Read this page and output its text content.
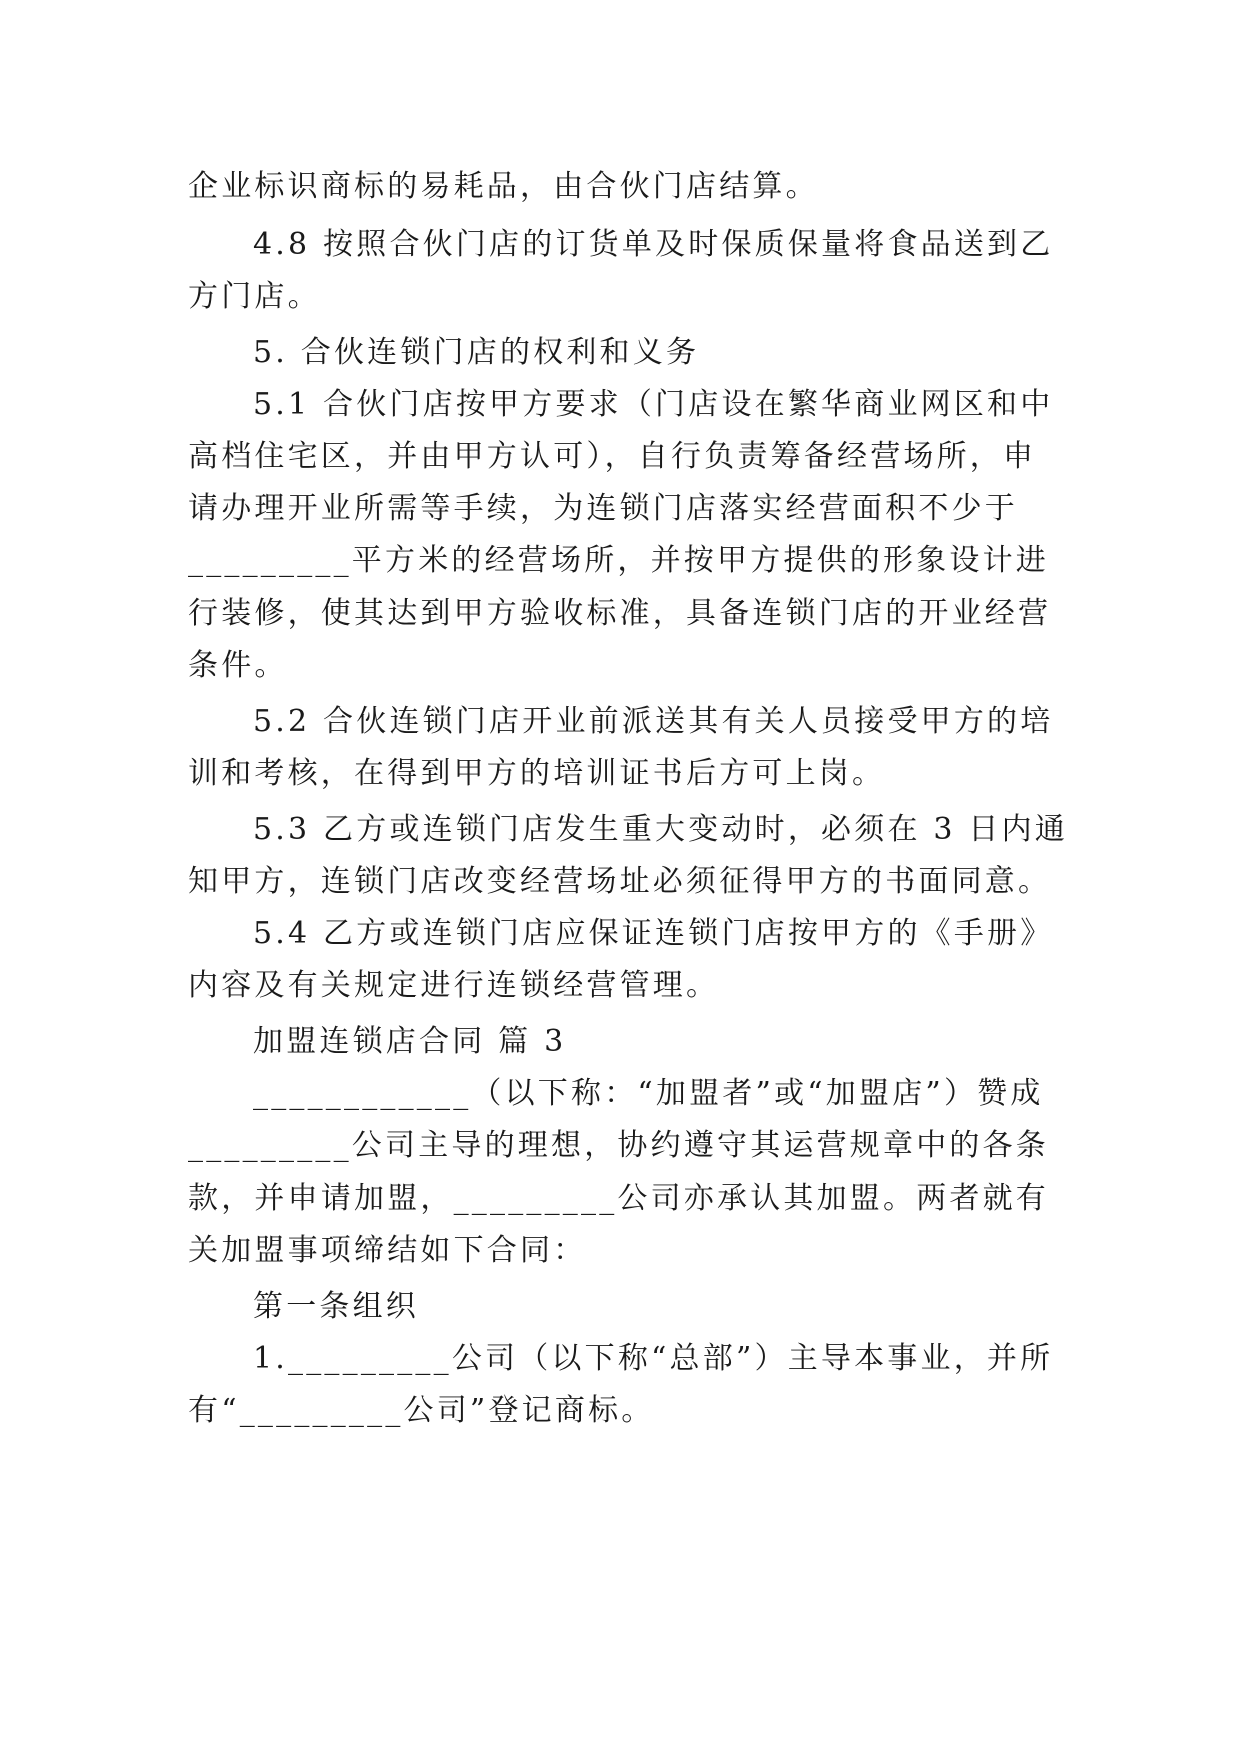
企业标识商标的易耗品，由合伙门店结算。
4.8 按照合伙门店的订货单及时保质保量将食品送到乙
方门店。
5. 合伙连锁门店的权利和义务
5.1 合伙门店按甲方要求（门店设在繁华商业网区和中
高档住宅区，并由甲方认可），自行负责筹备经营场所，申
请办理开业所需等手续，为连锁门店落实经营面积不少于
_________平方米的经营场所，并按甲方提供的形象设计进
行装修，使其达到甲方验收标准，具备连锁门店的开业经营
条件。
5.2 合伙连锁门店开业前派送其有关人员接受甲方的培
训和考核，在得到甲方的培训证书后方可上岗。
5.3 乙方或连锁门店发生重大变动时，必须在 3 日内通
知甲方，连锁门店改变经营场址必须征得甲方的书面同意。
5.4 乙方或连锁门店应保证连锁门店按甲方的《手册》
内容及有关规定进行连锁经营管理。
加盟连锁店合同 篇 3
____________（以下称：“加盟者”或“加盟店”）赞成
_________公司主导的理想，协约遵守其运营规章中的各条
款，并申请加盟，_________公司亦承认其加盟。两者就有
关加盟事项缔结如下合同：
第一条组织
1._________公司（以下称“总部”）主导本事业，并所
有“_________公司”登记商标。
